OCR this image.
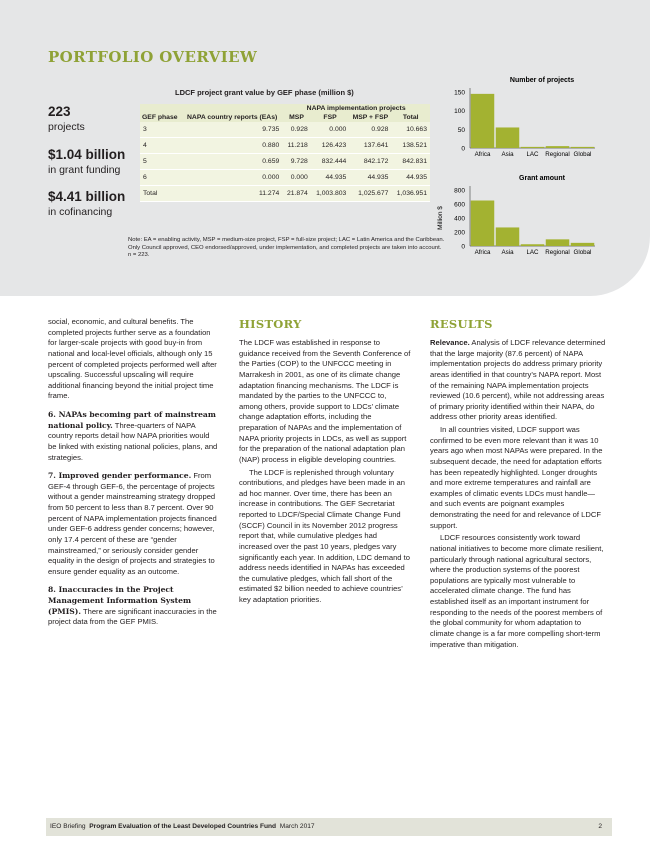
PORTFOLIO OVERVIEW
223
projects
$1.04 billion
in grant funding
$4.41 billion
in cofinancing
LDCF project grant value by GEF phase (million $)
GEF phase	NAPA country reports (EAs)	NAPA implementation projects			
		MSP	FSP	MSP + FSP	Total
3	9.735	0.928	0.000	0.928	10.663
4	0.880	11.218	126.423	137.641	138.521
5	0.659	9.728	832.444	842.172	842.831
6	0.000	0.000	44.935	44.935	44.935
Total	11.274	21.874	1,003.803	1,025.677	1,036.951

Note: EA = enabling activity, MSP = medium-size project, FSP = full-size project; LAC = Latin America and the Caribbean. Only Council approved, CEO endorsed/approved, under implementation, and completed projects are taken into account. n = 223.

Number of projects
0
50
100
150
Africa Asia LAC Regional Global
Grant amount
0
200
400
600
800
Million $
Africa Asia LAC Regional Global

social, economic, and cultural benefits. The completed projects further serve as a foundation for larger-scale projects with good buy-in from national and local-level officials, although only 15 percent of completed projects performed well after upscaling. Successful upscaling will require additional financing beyond the initial project time frame.

6. NAPAs becoming part of mainstream national policy. Three-quarters of NAPA country reports detail how NAPA priorities would be linked with existing national policies, plans, and strategies.

7. Improved gender performance. From GEF-4 through GEF-6, the percentage of projects without a gender mainstreaming strategy dropped from 50 percent to less than 8.7 percent. Over 90 percent of NAPA implementation projects financed under GEF-6 address gender concerns; however, only 17.4 percent of these are “gender mainstreamed,” or seriously consider gender equality in the design of projects and strategies to ensure gender equality as an outcome.

8. Inaccuracies in the Project Management Information System (PMIS). There are significant inaccuracies in the project data from the GEF PMIS.

HISTORY

The LDCF was established in response to guidance received from the Seventh Conference of the Parties (COP) to the UNFCCC meeting in Marrakesh in 2001, as one of its climate change adaptation financing mechanisms. The LDCF is mandated by the parties to the UNFCCC to, among others, provide support to LDCs’ climate change adaptation efforts, including the preparation of NAPAs and the implementation of NAPA priority projects in LDCs, as well as support for the preparation of the national adaptation plan (NAP) process in eligible developing countries.

The LDCF is replenished through voluntary contributions, and pledges have been made in an ad hoc manner. Over time, there has been an increase in contributions. The GEF Secretariat reported to LDCF/Special Climate Change Fund (SCCF) Council in its November 2012 progress report that, while cumulative pledges had increased over the past 10 years, pledges vary significantly each year. In addition, LDC demand to address needs identified in NAPAs has exceeded the cumulative pledges, which fall short of the estimated $2 billion needed to achieve countries’ key adaptation priorities.

RESULTS

Relevance. Analysis of LDCF relevance determined that the large majority (87.6 percent) of NAPA implementation projects do address primary priority areas identified in that country’s NAPA report. Most of the remaining NAPA implementation projects reviewed (10.6 percent), while not addressing areas of primary priority identified within their NAPA, do address other priority areas identified.

In all countries visited, LDCF support was confirmed to be even more relevant than it was 10 years ago when most NAPAs were prepared. In the subsequent decade, the need for adaptation efforts has been repeatedly highlighted. Longer droughts and more extreme temperatures and rainfall are examples of climatic events LDCs must handle—and such events are poignant examples demonstrating the need for and relevance of LDCF support.

LDCF resources consistently work toward national initiatives to become more climate resilient, particularly through national agricultural sectors, where the production systems of the poorest populations are typically most vulnerable to accelerated climate change. The fund has established itself as an important instrument for responding to the needs of the poorest members of the global community for whom adaptation to climate change is a far more compelling short-term imperative than mitigation.

IEO Briefing Program Evaluation of the Least Developed Countries Fund March 2017	2
